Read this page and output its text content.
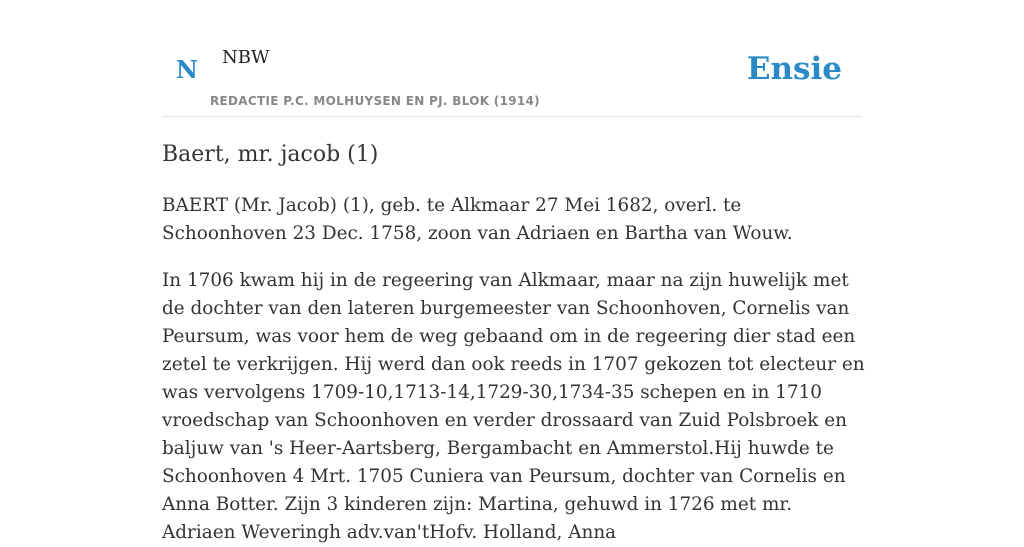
N NBW
REDACTIE P.C. MOLHUYSEN EN PJ. BLOK (1914)
Ensie
Baert, mr. jacob (1)

BAERT (Mr. Jacob) (1), geb. te Alkmaar 27 Mei 1682, overl. te Schoonhoven 23 Dec. 1758, zoon van Adriaen en Bartha van Wouw.

In 1706 kwam hij in de regeering van Alkmaar, maar na zijn huwelijk met de dochter van den lateren burgemeester van Schoonhoven, Cornelis van Peursum, was voor hem de weg gebaand om in de regeering dier stad een zetel te verkrijgen. Hij werd dan ook reeds in 1707 gekozen tot electeur en was vervolgens 1709-10,1713-14,1729-30,1734-35 schepen en in 1710 vroedschap van Schoonhoven en verder drossaard van Zuid Polsbroek en baljuw van 's Heer-Aartsberg, Bergambacht en Ammerstol.Hij huwde te Schoonhoven 4 Mrt. 1705 Cuniera van Peursum, dochter van Cornelis en Anna Botter. Zijn 3 kinderen zijn: Martina, gehuwd in 1726 met mr. Adriaen Weveringh adv.van'tHofv. Holland, Anna
